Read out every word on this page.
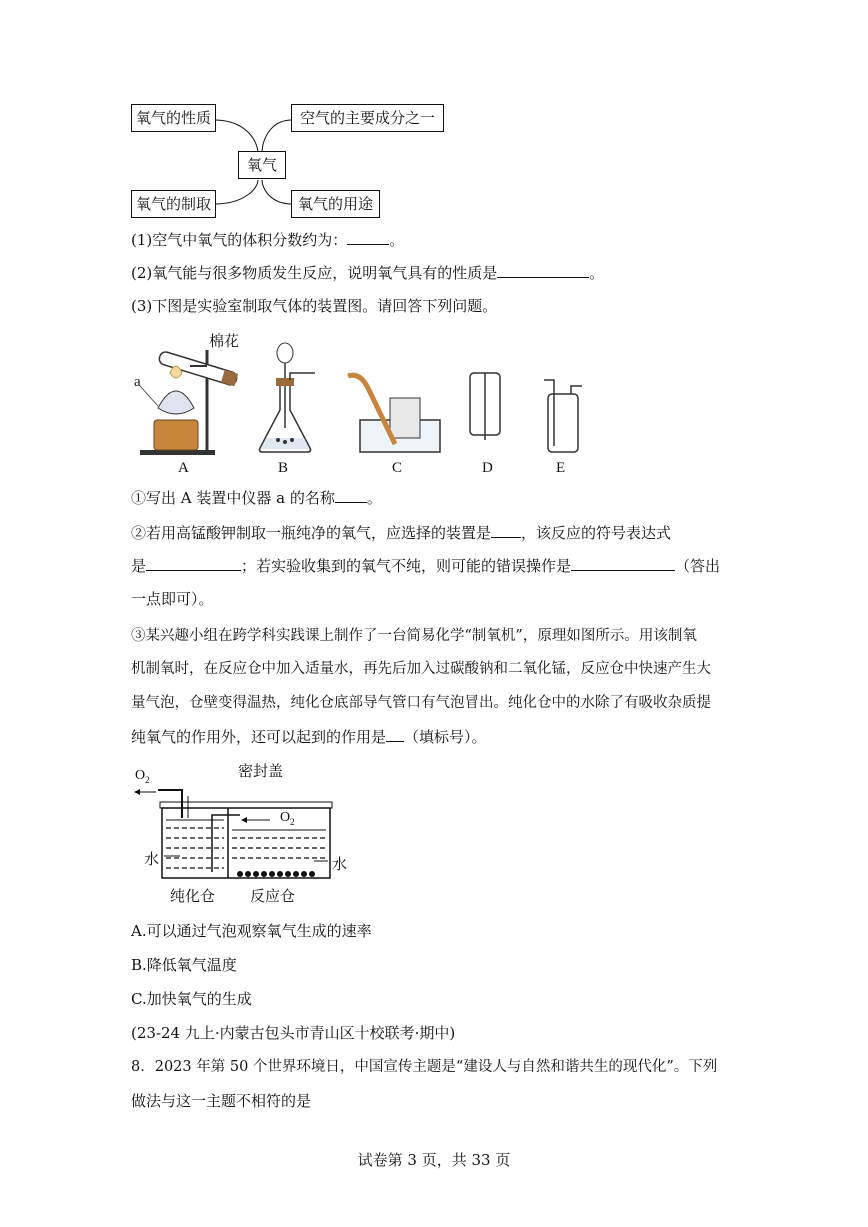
氧气的性质	空气的主要成分之一
氧气
氧气的制取	氧气的用途
(1)空气中氧气的体积分数约为：	。
(2)氧气能与很多物质发生反应，说明氧气具有的性质是	。
(3)下图是实验室制取气体的装置图。请回答下列问题。
棉花
a
A	B	C	D	E
①写出 A 装置中仪器 a 的名称 。
②若用高锰酸钾制取一瓶纯净的氧气，应选择的装置是 ，该反应的符号表达式
是	；若实验收集到的氧气不纯，则可能的错误操作是	（答出
一点即可）。
③某兴趣小组在跨学科实践课上制作了一台简易化学“制氧机”，原理如图所示。用该制氧
机制氧时，在反应仓中加入适量水，再先后加入过碳酸钠和二氧化锰，反应仓中快速产生大
量气泡，仓壁变得温热，纯化仓底部导气管口有气泡冒出。纯化仓中的水除了有吸收杂质提
纯氧气的作用外，还可以起到的作用是 （填标号）。
$O_2$	密封盖
$O_2$
水	水
纯化仓 反应仓
A.可以通过气泡观察氧气生成的速率
B.降低氧气温度
C.加快氧气的生成
(23-24 九上·内蒙古包头市青山区十校联考·期中)
8．2023 年第 50 个世界环境日，中国宣传主题是“建设人与自然和谐共生的现代化”。下列
做法与这一主题不相符的是
试卷第 3 页，共 33 页
